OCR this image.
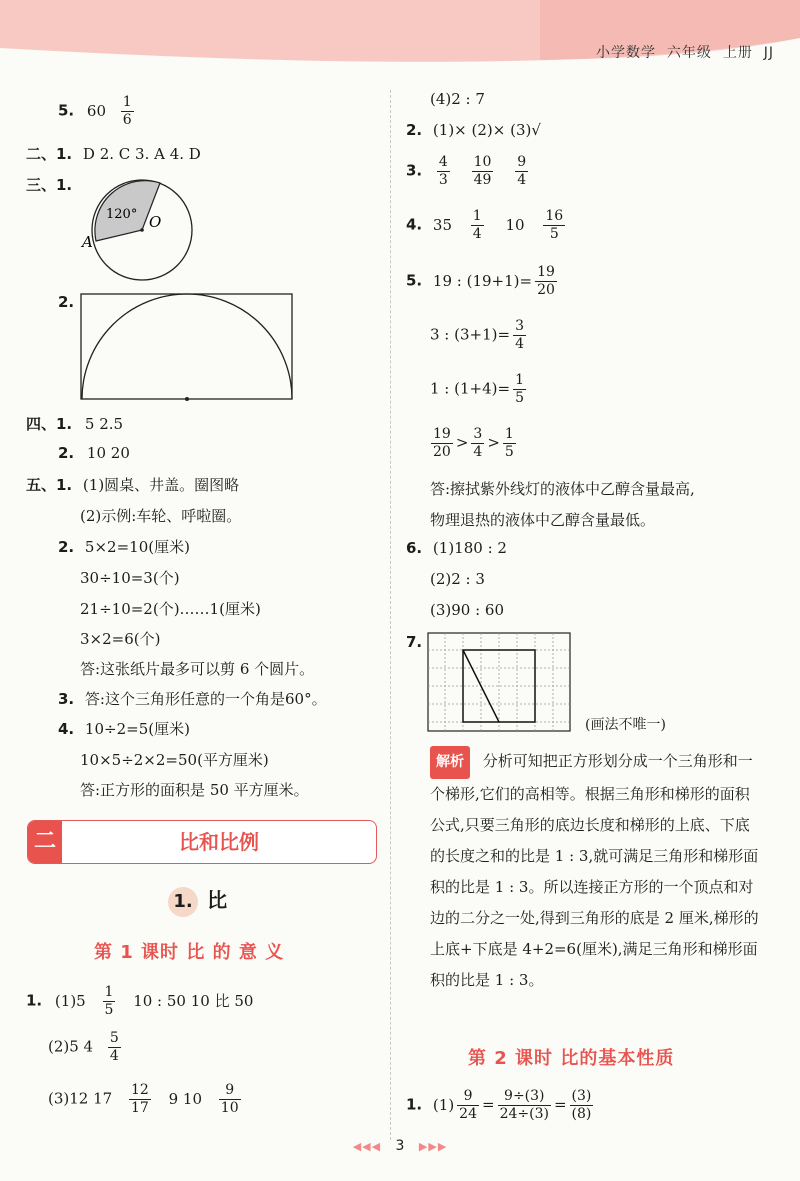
小学数学 六年级 上册 JJ
5. $60 \frac{1}{6}$
二、1. D 2. C 3. A 4. D
三、1.
120° O
A
2.
四、1. 5 2.5
2. 10 20
五、1. (1)圆桌、井盖。圈图略
(2)示例:车轮、呼啦圈。
2. 5×2=10(厘米)
30÷10=3(个)
21÷10=2(个)……1(厘米)
3×2=6(个)
答:这张纸片最多可以剪 6 个圆片。
3. 答:这个三角形任意的一个角是60°。
4. 10÷2=5(厘米)
10×5÷2×2=50(平方厘米)
答:正方形的面积是 50 平方厘米。
二	比和比例
1. 比
第 1 课时 比 的 意 义
1. $(1)5 \frac{1}{5} 10$ : 50 10 比 50
(2)5 $4 \frac{5}{4}$
(3)12 $17 \frac{12}{17} 9$ $10 \frac{9}{10}$
(4)2 : 7
2. (1)× (2)× (3)√
3. $\frac{4}{3}$
$\frac{10}{49}$
$\frac{9}{4}$
4. $35 \frac{1}{4} 10 \frac{16}{5}$
5. 19 : $(19+1)= \frac{19}{20}$
3 : $(3+1)= \frac{3}{4}$
1 : $(1+4)= \frac{1}{5}$
$\frac{19}{20} > \frac{3}{4} > \frac{1}{5}$
答:擦拭紫外线灯的液体中乙醇含量最高,
物理退热的液体中乙醇含量最低。
6. (1)180 : 2
(2)2 : 3
(3)90 : 60
7.
(画法不唯一)
解析 分析可知把正方形划分成一个三角形和一个梯形,它们的高相等。根据三角形和梯形的面积公式,只要三角形的底边长度和梯形的上底、下底的长度之和的比是 1 : 3,就可满足三角形和梯形面积的比是 1 : 3。所以连接正方形的一个顶点和对边的二分之一处,得到三角形的底是 2 厘米,梯形的上底+下底是 4+2=6(厘米),满足三角形和梯形面积的比是 1 : 3。
第 2 课时 比的基本性质
1. $(1) \frac{9}{24} = \frac{9\div(3)}{24\div(3)} = \frac{(3)}{(8)}$
◀◀◀ 3 ▶▶▶
